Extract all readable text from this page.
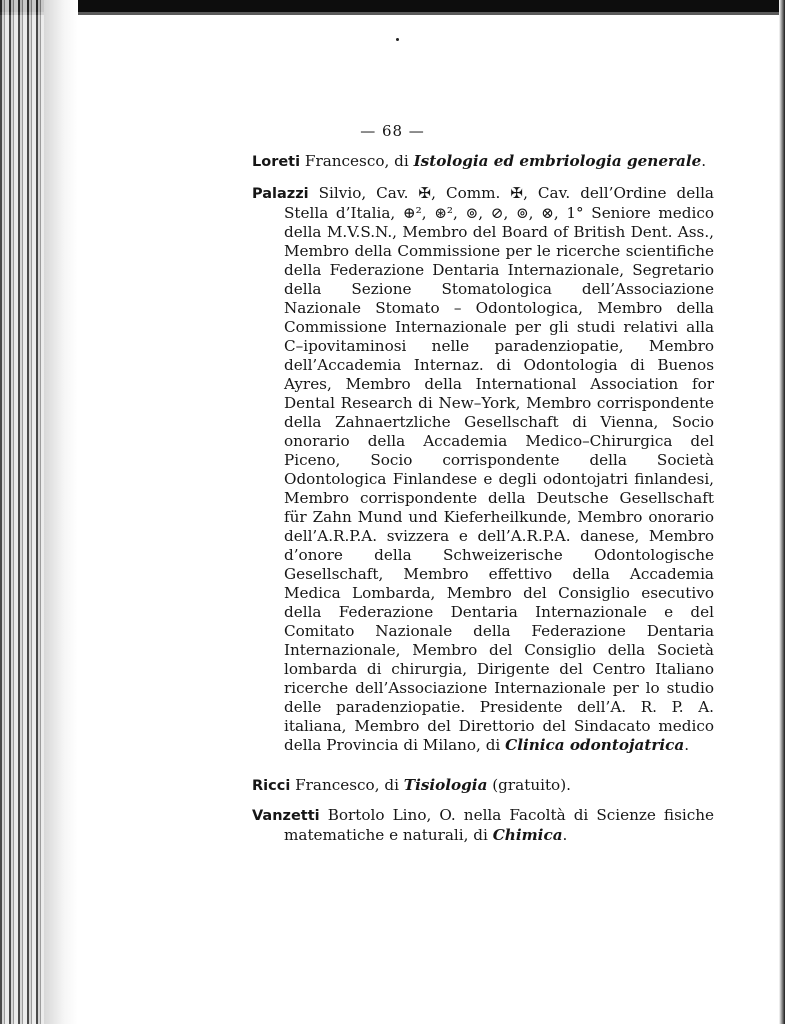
— 68 —

Loreti Francesco, di Istologia ed embriologia generale.

Palazzi Silvio, Cav. ✠, Comm. ✠, Cav. dell’Ordine della Stella d’Italia, ⊕², ⊛², ⊚, ⊘, ⊚, ⊗, 1° Seniore medico della M.V.S.N., Membro del Board of British Dent. Ass., Membro della Commissione per le ricerche scientifiche della Federazione Dentaria Internazionale, Segretario della Sezione Stomatologica dell’Associazione Nazionale Stomato – Odontologica, Membro della Commissione Internazionale per gli studi relativi alla C–ipovitaminosi nelle paradenziopatie, Membro dell’Accademia Internaz. di Odontologia di Buenos Ayres, Membro della International Association for Dental Research di New–York, Membro corrispondente della Zahnaertzliche Gesellschaft di Vienna, Socio onorario della Accademia Medico–Chirurgica del Piceno, Socio corrispondente della Società Odontologica Finlandese e degli odontojatri finlandesi, Membro corrispondente della Deutsche Gesellschaft für Zahn Mund und Kieferheilkunde, Membro onorario dell’A.R.P.A. svizzera e dell’A.R.P.A. danese, Membro d’onore della Schweizerische Odontologische Gesellschaft, Membro effettivo della Accademia Medica Lombarda, Membro del Consiglio esecutivo della Federazione Dentaria Internazionale e del Comitato Nazionale della Federazione Dentaria Internazionale, Membro del Consiglio della Società lombarda di chirurgia, Dirigente del Centro Italiano ricerche dell’Associazione Internazionale per lo studio delle paradenziopatie. Presidente dell’A. R. P. A. italiana, Membro del Direttorio del Sindacato medico della Provincia di Milano, di Clinica odontojatrica.

Ricci Francesco, di Tisiologia (gratuito).

Vanzetti Bortolo Lino, O. nella Facoltà di Scienze fisiche matematiche e naturali, di Chimica.
